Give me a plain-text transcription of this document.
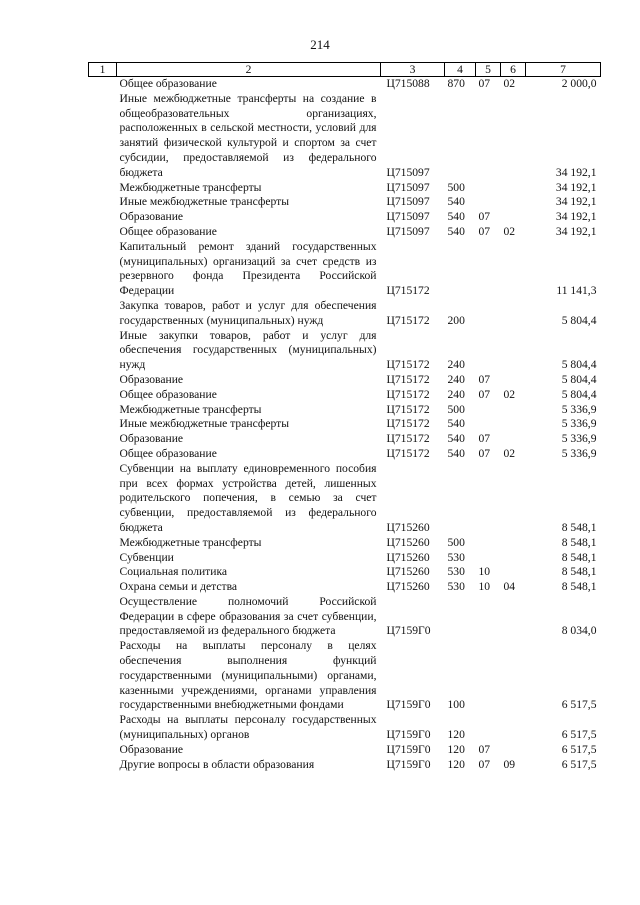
214
1	2	3	4	5	6	7
Общее образование		Ц715088	870	07	02	2 000,0
Иные межбюджетные трансферты на создание в общеобразовательных организациях, расположенных в сельской местности, условий для занятий физической культурой и спортом за счет субсидии, предоставляемой из федерального бюджета		Ц715097				34 192,1
Межбюджетные трансферты		Ц715097	500			34 192,1
Иные межбюджетные трансферты		Ц715097	540			34 192,1
Образование		Ц715097	540	07		34 192,1
Общее образование		Ц715097	540	07	02	34 192,1
Капитальный ремонт зданий государственных (муниципальных) организаций за счет средств из резервного фонда Президента Российской Федерации		Ц715172				11 141,3
Закупка товаров, работ и услуг для обеспечения государственных (муниципальных) нужд		Ц715172	200			5 804,4
Иные закупки товаров, работ и услуг для обеспечения государственных (муниципальных) нужд		Ц715172	240			5 804,4
Образование		Ц715172	240	07		5 804,4
Общее образование		Ц715172	240	07	02	5 804,4
Межбюджетные трансферты		Ц715172	500			5 336,9
Иные межбюджетные трансферты		Ц715172	540			5 336,9
Образование		Ц715172	540	07		5 336,9
Общее образование		Ц715172	540	07	02	5 336,9
Субвенции на выплату единовременного пособия при всех формах устройства детей, лишенных родительского попечения, в семью за счет субвенции, предоставляемой из федерального бюджета		Ц715260				8 548,1
Межбюджетные трансферты		Ц715260	500			8 548,1
Субвенции		Ц715260	530			8 548,1
Социальная политика		Ц715260	530	10		8 548,1
Охрана семьи и детства		Ц715260	530	10	04	8 548,1
Осуществление полномочий Российской Федерации в сфере образования за счет субвенции, предоставляемой из федерального бюджета		Ц7159Г0				8 034,0
Расходы на выплаты персоналу в целях обеспечения выполнения функций государственными (муниципальными) органами, казенными учреждениями, органами управления государственными внебюджетными фондами		Ц7159Г0	100			6 517,5
Расходы на выплаты персоналу государственных (муниципальных) органов		Ц7159Г0	120			6 517,5
Образование		Ц7159Г0	120	07		6 517,5
Другие вопросы в области образования		Ц7159Г0	120	07	09	6 517,5
